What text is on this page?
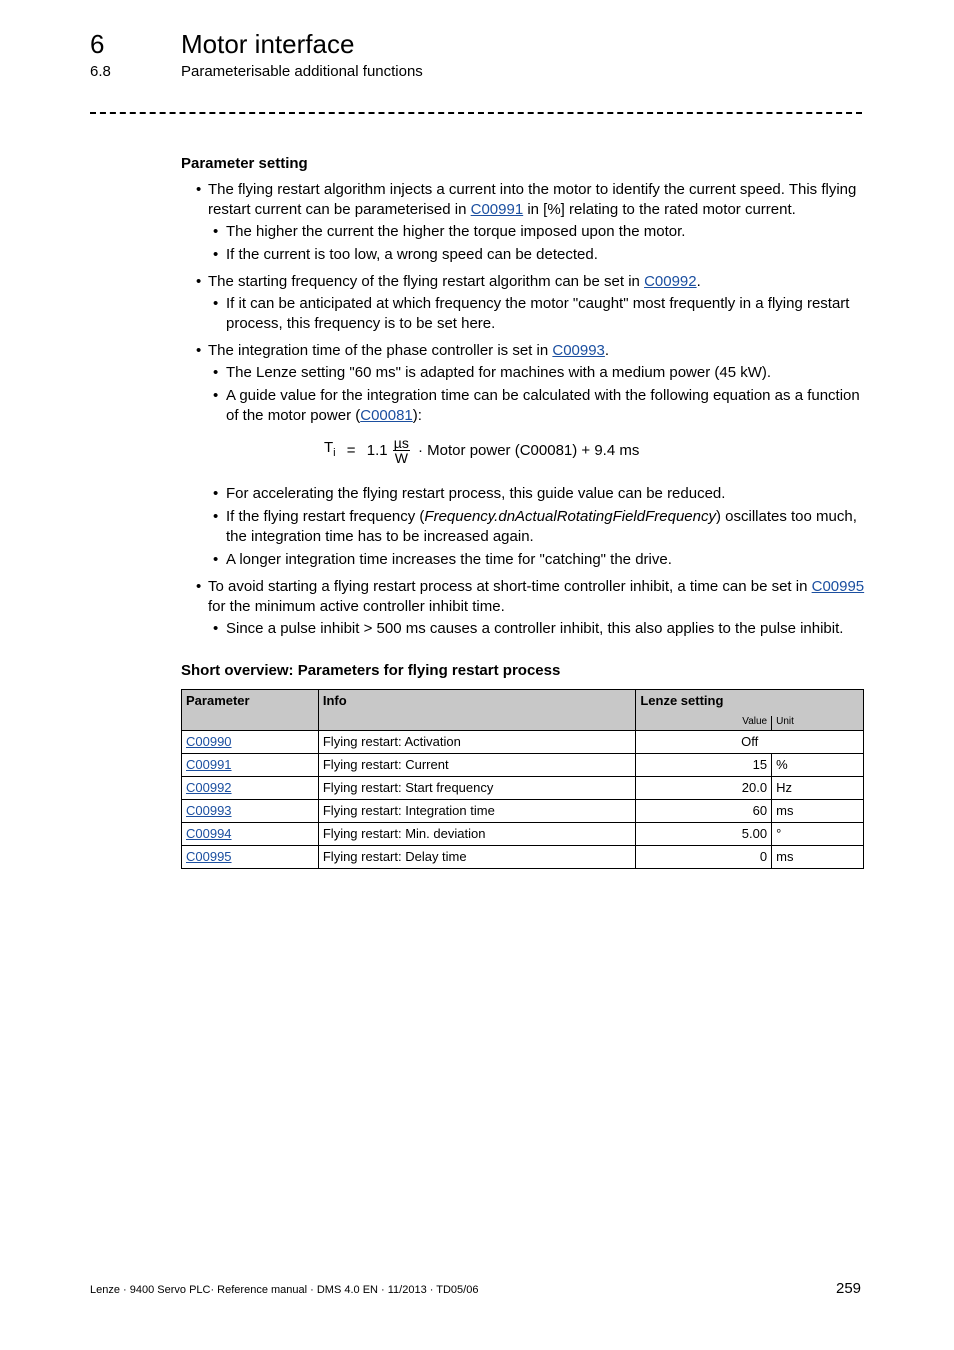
6	Motor interface
6.8	Parameterisable additional functions
Parameter setting
• The flying restart algorithm injects a current into the motor to identify the current speed. This flying restart current can be parameterised in C00991 in [%] relating to the rated motor current.
• The higher the current the higher the torque imposed upon the motor.
• If the current is too low, a wrong speed can be detected.
• The starting frequency of the flying restart algorithm can be set in C00992.
• If it can be anticipated at which frequency the motor "caught" most frequently in a flying restart process, this frequency is to be set here.
• The integration time of the phase controller is set in C00993.
• The Lenze setting "60 ms" is adapted for machines with a medium power (45 kW).
• A guide value for the integration time can be calculated with the following equation as a function of the motor power (C00081):
$T_i = 1.1 \frac{\text{µs}}{W}$ · Motor power (C00081) + 9.4 ms
• For accelerating the flying restart process, this guide value can be reduced.
• If the flying restart frequency (Frequency.dnActualRotatingFieldFrequency) oscillates too much, the integration time has to be increased again.
• A longer integration time increases the time for "catching" the drive.
• To avoid starting a flying restart process at short-time controller inhibit, a time can be set in C00995 for the minimum active controller inhibit time.
• Since a pulse inhibit > 500 ms causes a controller inhibit, this also applies to the pulse inhibit.
Short overview: Parameters for flying restart process
Parameter	Info	Lenze setting	
		Value	Unit
C00990	Flying restart: Activation	Off	
C00991	Flying restart: Current	15	%
C00992	Flying restart: Start frequency	20.0	Hz
C00993	Flying restart: Integration time	60	ms
C00994	Flying restart: Min. deviation	5.00	°
C00995	Flying restart: Delay time	0	ms
Lenze · 9400 Servo PLC· Reference manual · DMS 4.0 EN · 11/2013 · TD05/06	259
